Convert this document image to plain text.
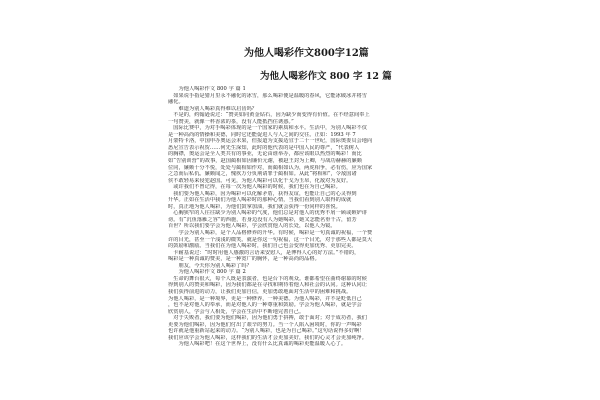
为他人喝彩作文800字12篇
为他人喝彩作文 800 字 12 篇
　　为他人喝彩作文 800 字 篇 1
　如果说手指是猎月里永不融化的冰雪，那么喝彩便是温暖的春风，它能冰破冰并将雪
融化。
　　难道为别人喝彩真得难以启齿吗？
　不是的，约翰逊说过：“赞美如同黄金钻石，因为缺少而变得有价值。在不经意间奉上
一句赞美，就像一杯香浓的茶，没有人能抵挡住诱惑。”
　国际比赛中，为对手喝彩体现的是一个国家的素质和水平。生活中，为别人喝彩不仅
是一种高尚的情操和美德，同时它还能促进人与人之间的交往。正如：1993 年 7
月蒙特卡洛，中国申办奥运会未果，但报道为支援适宜于二十一世纪，国际奥委员会地向
悉尼宣告表示祝贺……何先生深知，此时的他代表的是中国人民的尊严，“代表树人
的胸襟，奥运会是全人类共有的事业，无论由谁举办，都应该眼以热烈的喝彩！而比
如“告别训营”的故事，赵国蔺相如因廉价元谢，被赵王封为上卿，与战功赫赫的廉颇
位同，廉颇十分不悦，处处与蔺相如作对，而蔺相如认为，两虎相争，必有伤，应为国家
之急而后私仇。廉颇闻之，愧疚万分负荆请罪于蔺相如。从此“将相和”，令敌国诸
侯不敢轻易来侵犯赵国。可见，为他人喝彩可以化干戈为玉帛，化敌对为友好。
　或许我们不曾记得，在每一次为他人喝彩的时候，我们也在为自己喝彩。
　我们要为他人喝彩，因为喝彩可以化解矛盾，获得友谊，也能让自己的心灵得到
升华。正如在生活中我们为他人喝彩时的那种心情，当我们看到别人取得的成就
时，真正地为他人喝彩，为他们鼓掌加油，我们就会获得一份同样的喜悦。
　心胸狭窄的人往往缺少为别人喝彩的气度，他们总是对他人的优秀不屑一顾或嫉妒诽
谤。有“沉鱼落雁之容”的西施，若身边没有人为她喝彩，她又怎能名垂千古，留芳
百世？所以我们要学会为他人喝彩，学会欣赏他人的长处，以他人为镜。
　　学会为别人喝彩，是个人品格修养的升华。有时候，喝彩是一句真诚的祝福，一个赞
许的目光，甚至一个浅浅的微笑。就是你这一句祝福，这一个目光，对于那些人都是莫大
的鼓励和激励。当我们在为他人喝彩时，我们自己也会变得更加优秀、更加完美。
　卡耐基说过：“时时用他人感激的言语来安慰人，是博得人心的好方法。”不错的，
喝彩是一种真诚的赞美，是一种宽广的胸怀，是一种高尚的品格。
　　朋友，今天你为别人喝彩了吗？
　　为他人喝彩作文 800 字 篇 2
　生命的舞台很大，每个人既是表演者，也是台下的观众。谁都希望在曲终谢幕的时候
得到别人的赞美和喝彩，因为我们都是在寻找和期待着他人和社会的认同。这种认同让
我们获得前进的动力，让我们更加自信，更加勇敢地面对生活中的困难和挑战。
为他人喝彩，是一种境界，更是一种修养，一种美德。为他人喝彩，并不是贬低自己
，也不是对他人的奉承，而是对他人的一种尊重和鼓励。学会为他人喝彩，就是学会
欣赏别人，学会与人相处，学会在生活中不断地完善自己。
　对于失败者，我们要为他们喝彩，因为他们勇于拼搏，敢于面对；对于成功者，我们
更要为他们喝彩，因为他们付出了艰辛的努力。当一个人陷入困境时，你的一声喝彩
也许就是他重新站起来的动力。“为别人喝彩，也是为自己喝彩。”这句话说得多好啊！
我们应该学会为他人喝彩，这样我们的生活才会更加美好，我们的心灵才会更加纯净。
　　为他人喝彩吧！在这个世界上，没有什么比真诚的喝彩更能温暖人心了。
